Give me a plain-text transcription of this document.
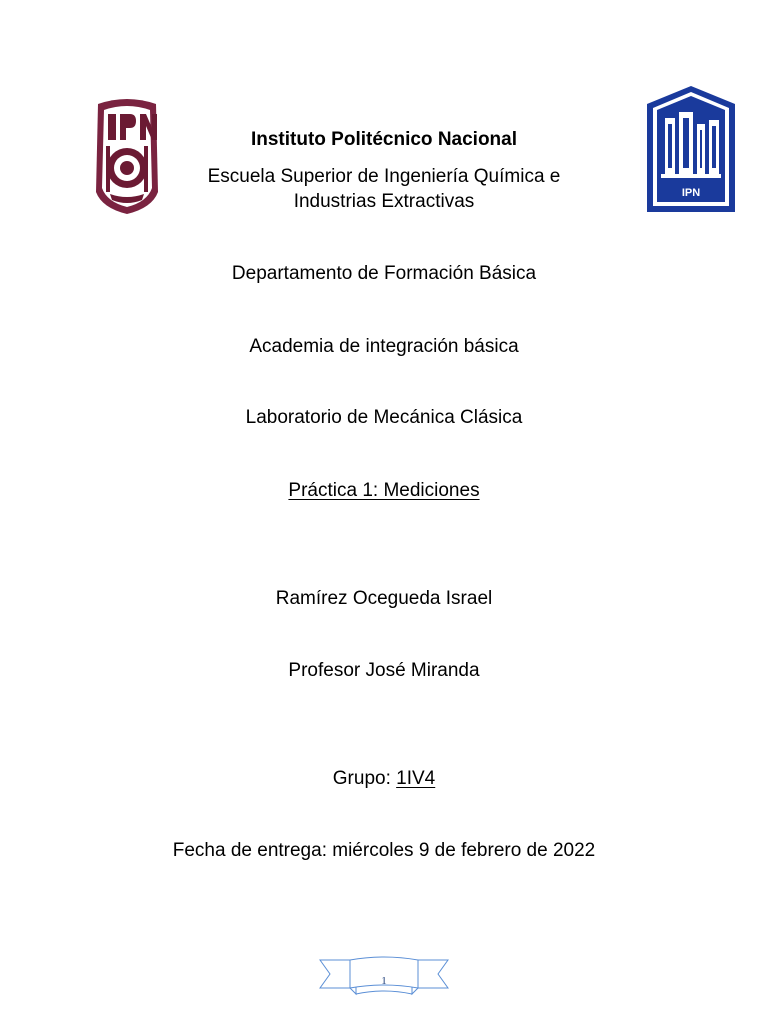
IPN
Instituto Politécnico Nacional
Escuela Superior de Ingeniería Química e
Industrias Extractivas
Departamento de Formación Básica
Academia de integración básica
Laboratorio de Mecánica Clásica
Práctica 1: Mediciones
Ramírez Ocegueda Israel
Profesor José Miranda
Grupo: 1IV4
Fecha de entrega: miércoles 9 de febrero de 2022
1
